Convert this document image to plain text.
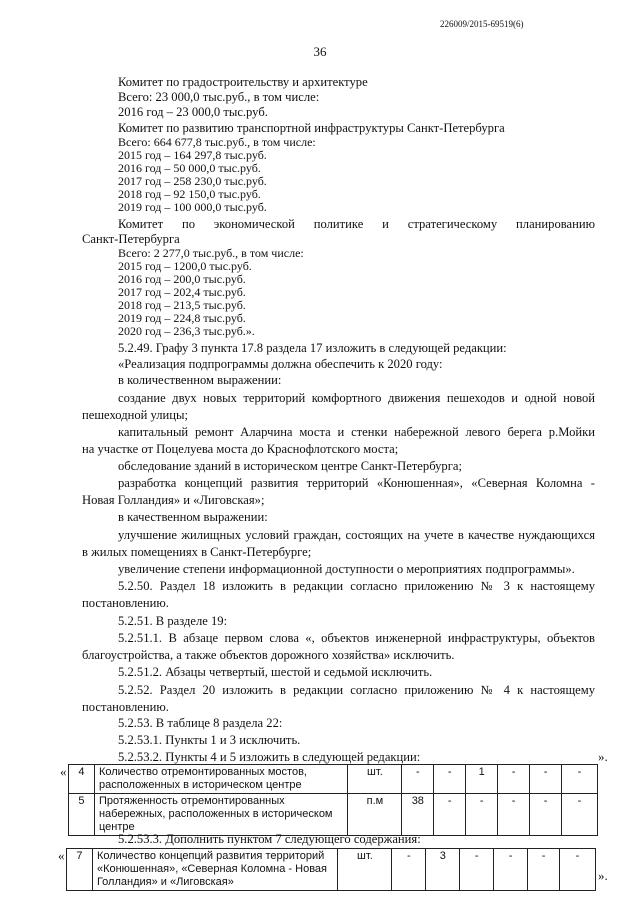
226009/2015-69519(6)
36
Комитет по градостроительству и архитектуре
Всего: 23 000,0 тыс.руб., в том числе:
2016 год – 23 000,0 тыс.руб.
Комитет по развитию транспортной инфраструктуры Санкт-Петербурга
Всего: 664 677,8 тыс.руб., в том числе:
2015 год – 164 297,8 тыс.руб.
2016 год – 50 000,0 тыс.руб.
2017 год – 258 230,0 тыс.руб.
2018 год – 92 150,0 тыс.руб.
2019 год – 100 000,0 тыс.руб.
Комитет по экономической политике и стратегическому планированию
Санкт-Петербурга
Всего: 2 277,0 тыс.руб., в том числе:
2015 год – 1200,0 тыс.руб.
2016 год – 200,0 тыс.руб.
2017 год – 202,4 тыс.руб.
2018 год – 213,5 тыс.руб.
2019 год – 224,8 тыс.руб.
2020 год – 236,3 тыс.руб.».
5.2.49. Графу 3 пункта 17.8 раздела 17 изложить в следующей редакции:
«Реализация подпрограммы должна обеспечить к 2020 году:
в количественном выражении:
создание двух новых территорий комфортного движения пешеходов и одной новой
пешеходной улицы;
капитальный ремонт Аларчина моста и стенки набережной левого берега р.Мойки
на участке от Поцелуева моста до Краснофлотского моста;
обследование зданий в историческом центре Санкт-Петербурга;
разработка концепций развития территорий «Конюшенная», «Северная Коломна -
Новая Голландия» и «Лиговская»;
в качественном выражении:
улучшение жилищных условий граждан, состоящих на учете в качестве нуждающихся
в жилых помещениях в Санкт-Петербурге;
увеличение степени информационной доступности о мероприятиях подпрограммы».
5.2.50. Раздел 18 изложить в редакции согласно приложению № 3 к настоящему
постановлению.
5.2.51. В разделе 19:
5.2.51.1. В абзаце первом слова «, объектов инженерной инфраструктуры, объектов
благоустройства, а также объектов дорожного хозяйства» исключить.
5.2.51.2. Абзацы четвертый, шестой и седьмой исключить.
5.2.52. Раздел 20 изложить в редакции согласно приложению № 4 к настоящему
постановлению.
5.2.53. В таблице 8 раздела 22:
5.2.53.1. Пункты 1 и 3 исключить.
5.2.53.2. Пункты 4 и 5 изложить в следующей редакции:
« 4	Количество отремонтированных мостов, расположенных в историческом центре	шт.	-	-	1	-	-	-
5	Протяженность отремонтированных набережных, расположенных в историческом центре	п.м	38	-	-	-	-	-
».
5.2.53.3. Дополнить пунктом 7 следующего содержания:
« 7	Количество концепций развития территорий «Конюшенная», «Северная Коломна - Новая Голландия» и «Лиговская»	шт.	-	3	-	-	-	-
».
